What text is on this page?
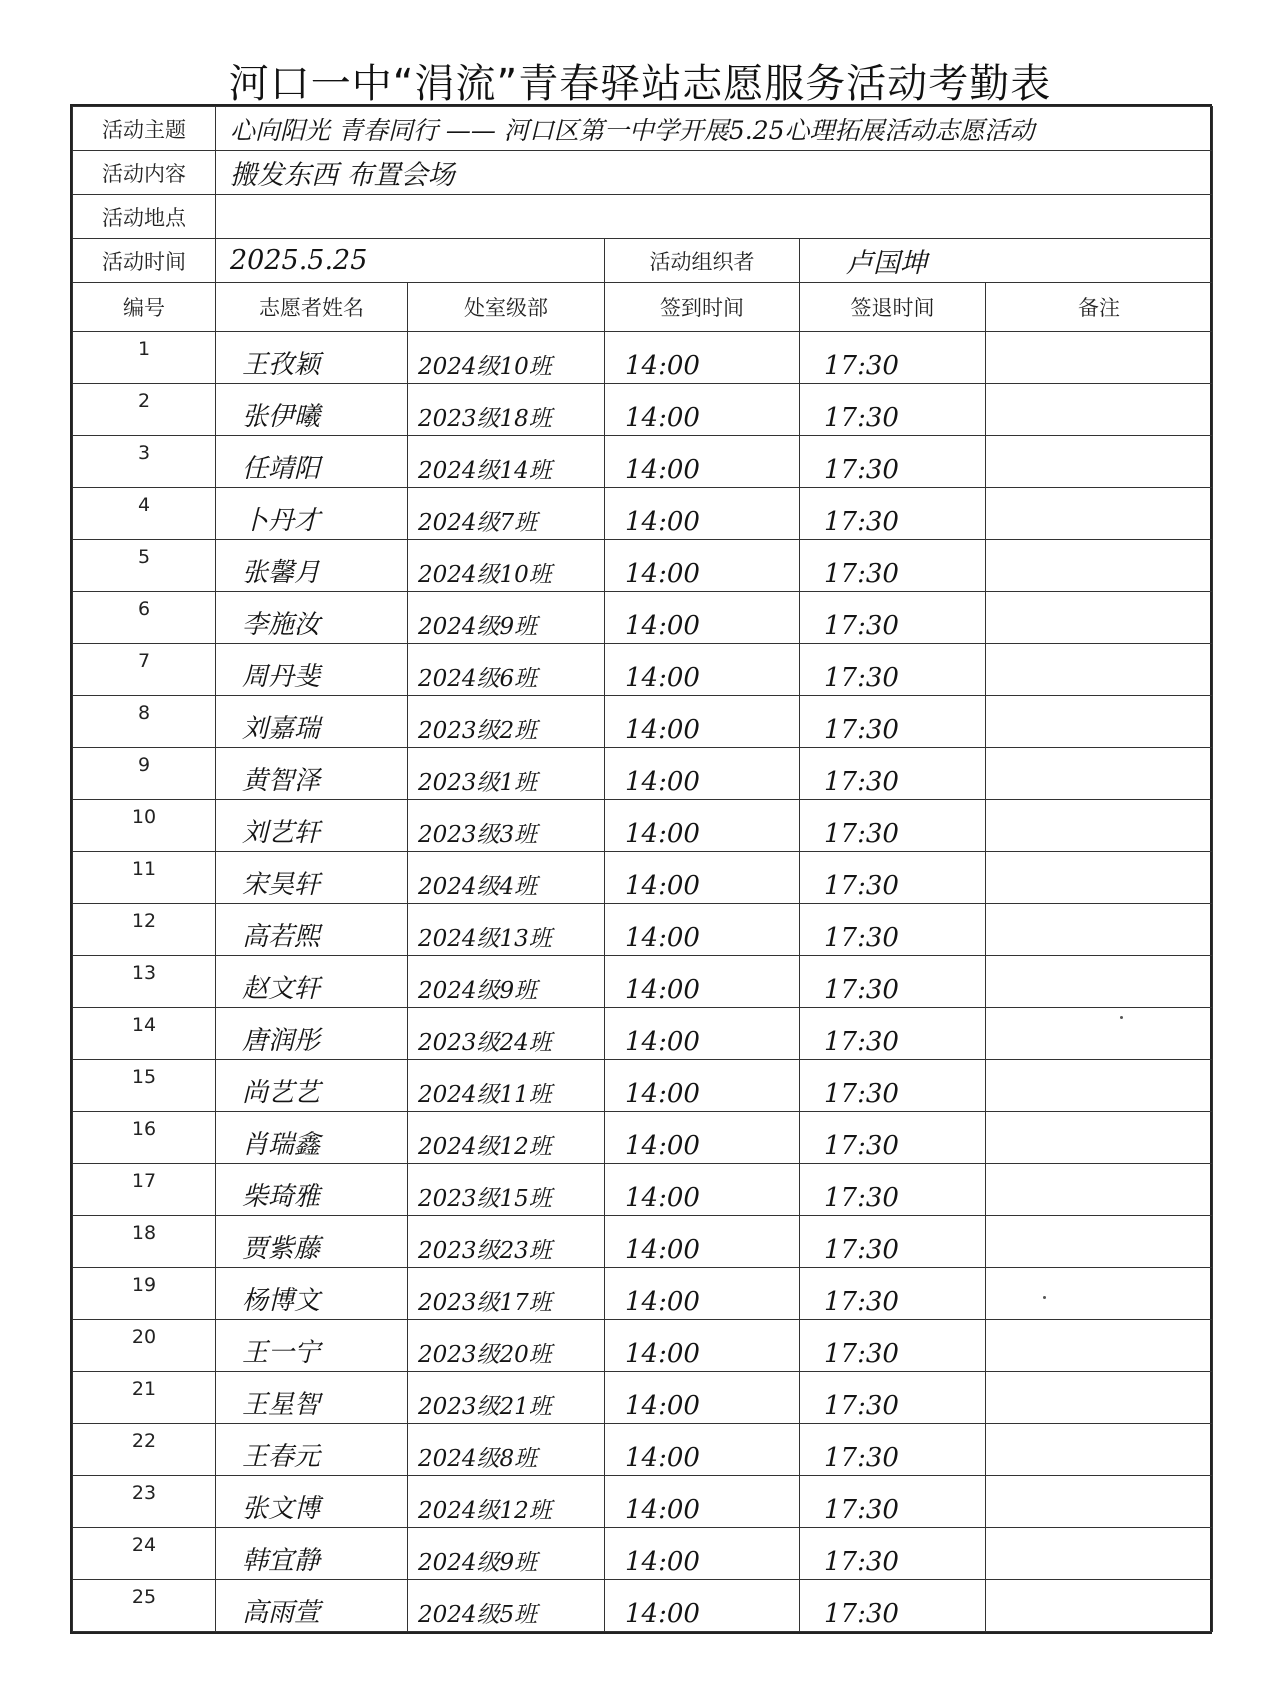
河口一中“涓流”青春驿站志愿服务活动考勤表
活动主题	心向阳光 青春同行 —— 河口区第一中学开展5.25心理拓展活动志愿活动				
活动内容	搬发东西 布置会场				
活动地点					
活动时间	2025.5.25		活动组织者	卢国坤	
编号	志愿者姓名	处室级部	签到时间	签退时间	备注
1	王孜颖	2024级10班	14:00	17:30	
2	张伊曦	2023级18班	14:00	17:30	
3	任靖阳	2024级14班	14:00	17:30	
4	卜丹才	2024级7班	14:00	17:30	
5	张馨月	2024级10班	14:00	17:30	
6	李施汝	2024级9班	14:00	17:30	
7	周丹斐	2024级6班	14:00	17:30	
8	刘嘉瑞	2023级2班	14:00	17:30	
9	黄智泽	2023级1班	14:00	17:30	
10	刘艺轩	2023级3班	14:00	17:30	
11	宋昊轩	2024级4班	14:00	17:30	
12	高若熙	2024级13班	14:00	17:30	
13	赵文轩	2024级9班	14:00	17:30	
14	唐润彤	2023级24班	14:00	17:30	
15	尚艺艺	2024级11班	14:00	17:30	
16	肖瑞鑫	2024级12班	14:00	17:30	
17	柴琦雅	2023级15班	14:00	17:30	
18	贾紫藤	2023级23班	14:00	17:30	
19	杨博文	2023级17班	14:00	17:30	
20	王一宁	2023级20班	14:00	17:30	
21	王星智	2023级21班	14:00	17:30	
22	王春元	2024级8班	14:00	17:30	
23	张文博	2024级12班	14:00	17:30	
24	韩宜静	2024级9班	14:00	17:30	
25	高雨萱	2024级5班	14:00	17:30	
